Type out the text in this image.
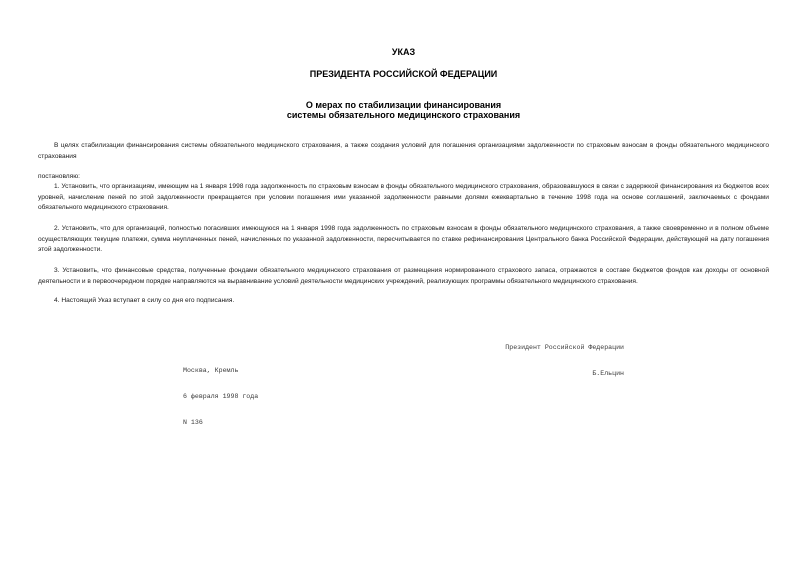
УКАЗ
ПРЕЗИДЕНТА РОССИЙСКОЙ ФЕДЕРАЦИИ
О мерах по стабилизации финансирования
системы обязательного медицинского страхования
В целях стабилизации финансирования системы обязательного медицинского страхования, а также создания условий для погашения организациями задолженности по страховым взносам в фонды обязательного медицинского страхования
постановляю:
1. Установить, что организациям, имеющим на 1 января 1998 года задолженность по страховым взносам в фонды обязательного медицинского страхования, образовавшуюся в связи с задержкой финансирования из бюджетов всех уровней, начисление пеней по этой задолженности прекращается при условии погашения ими указанной задолженности равными долями ежеквартально в течение 1998 года на основе соглашений, заключаемых с фондами обязательного медицинского страхования.
2. Установить, что для организаций, полностью погасивших имеющуюся на 1 января 1998 года задолженность по страховым взносам в фонды обязательного медицинского страхования, а также своевременно и в полном объеме осуществляющих текущие платежи, сумма неуплаченных пеней, начисленных по указанной задолженности, пересчитывается по ставке рефинансирования Центрального банка Российской Федерации, действующей на дату погашения этой задолженности.
3. Установить, что финансовые средства, полученные фондами обязательного медицинского страхования от размещения нормированного страхового запаса, отражаются в составе бюджетов фондов как доходы от основной деятельности и в первоочередном порядке направляются на выравнивание условий деятельности медицинских учреждений, реализующих программы обязательного медицинского страхования.
4. Настоящий Указ вступает в силу со дня его подписания.

Президент Российской Федерации

Б.Ельцин

Москва, Кремль

6 февраля 1998 года

N 136
